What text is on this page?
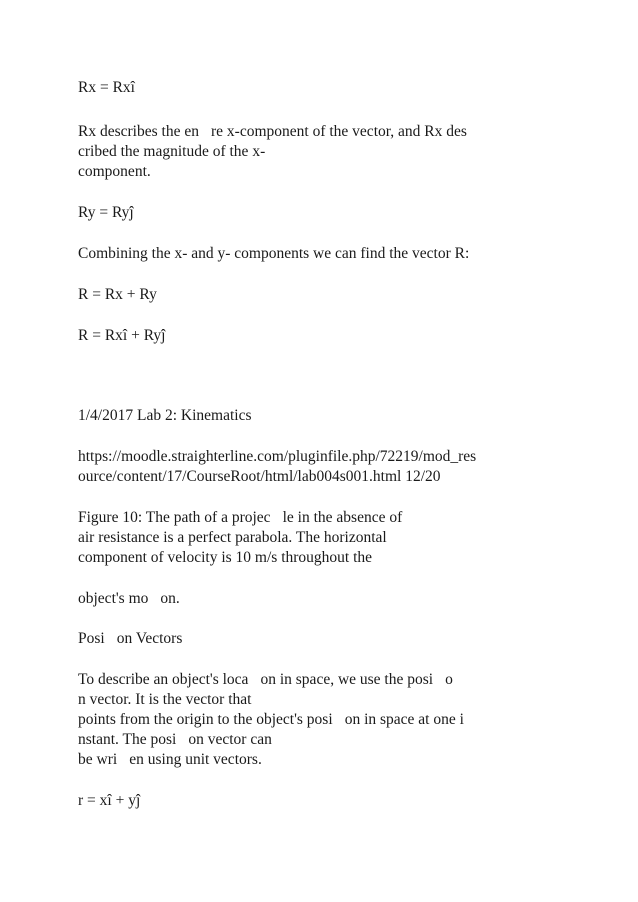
Rx = Rxî

Rx describes the en re x-component of the vector, and Rx des

cribed the magnitude of the x-

component.

Ry = Ryĵ

Combining the x- and y- components we can find the vector R:

R = Rx + Ry

R = Rxî + Ryĵ

1/4/2017 Lab 2: Kinematics

https://moodle.straighterline.com/pluginfile.php/72219/mod_res

ource/content/17/CourseRoot/html/lab004s001.html 12/20

Figure 10: The path of a projec le in the absence of

air resistance is a perfect parabola. The horizontal

component of velocity is 10 m/s throughout the

object's mo on.

Posi on Vectors

To describe an object's loca on in space, we use the posi o

n vector. It is the vector that

points from the origin to the object's posi on in space at one i

nstant. The posi on vector can

be wri en using unit vectors.

r = xî + yĵ
